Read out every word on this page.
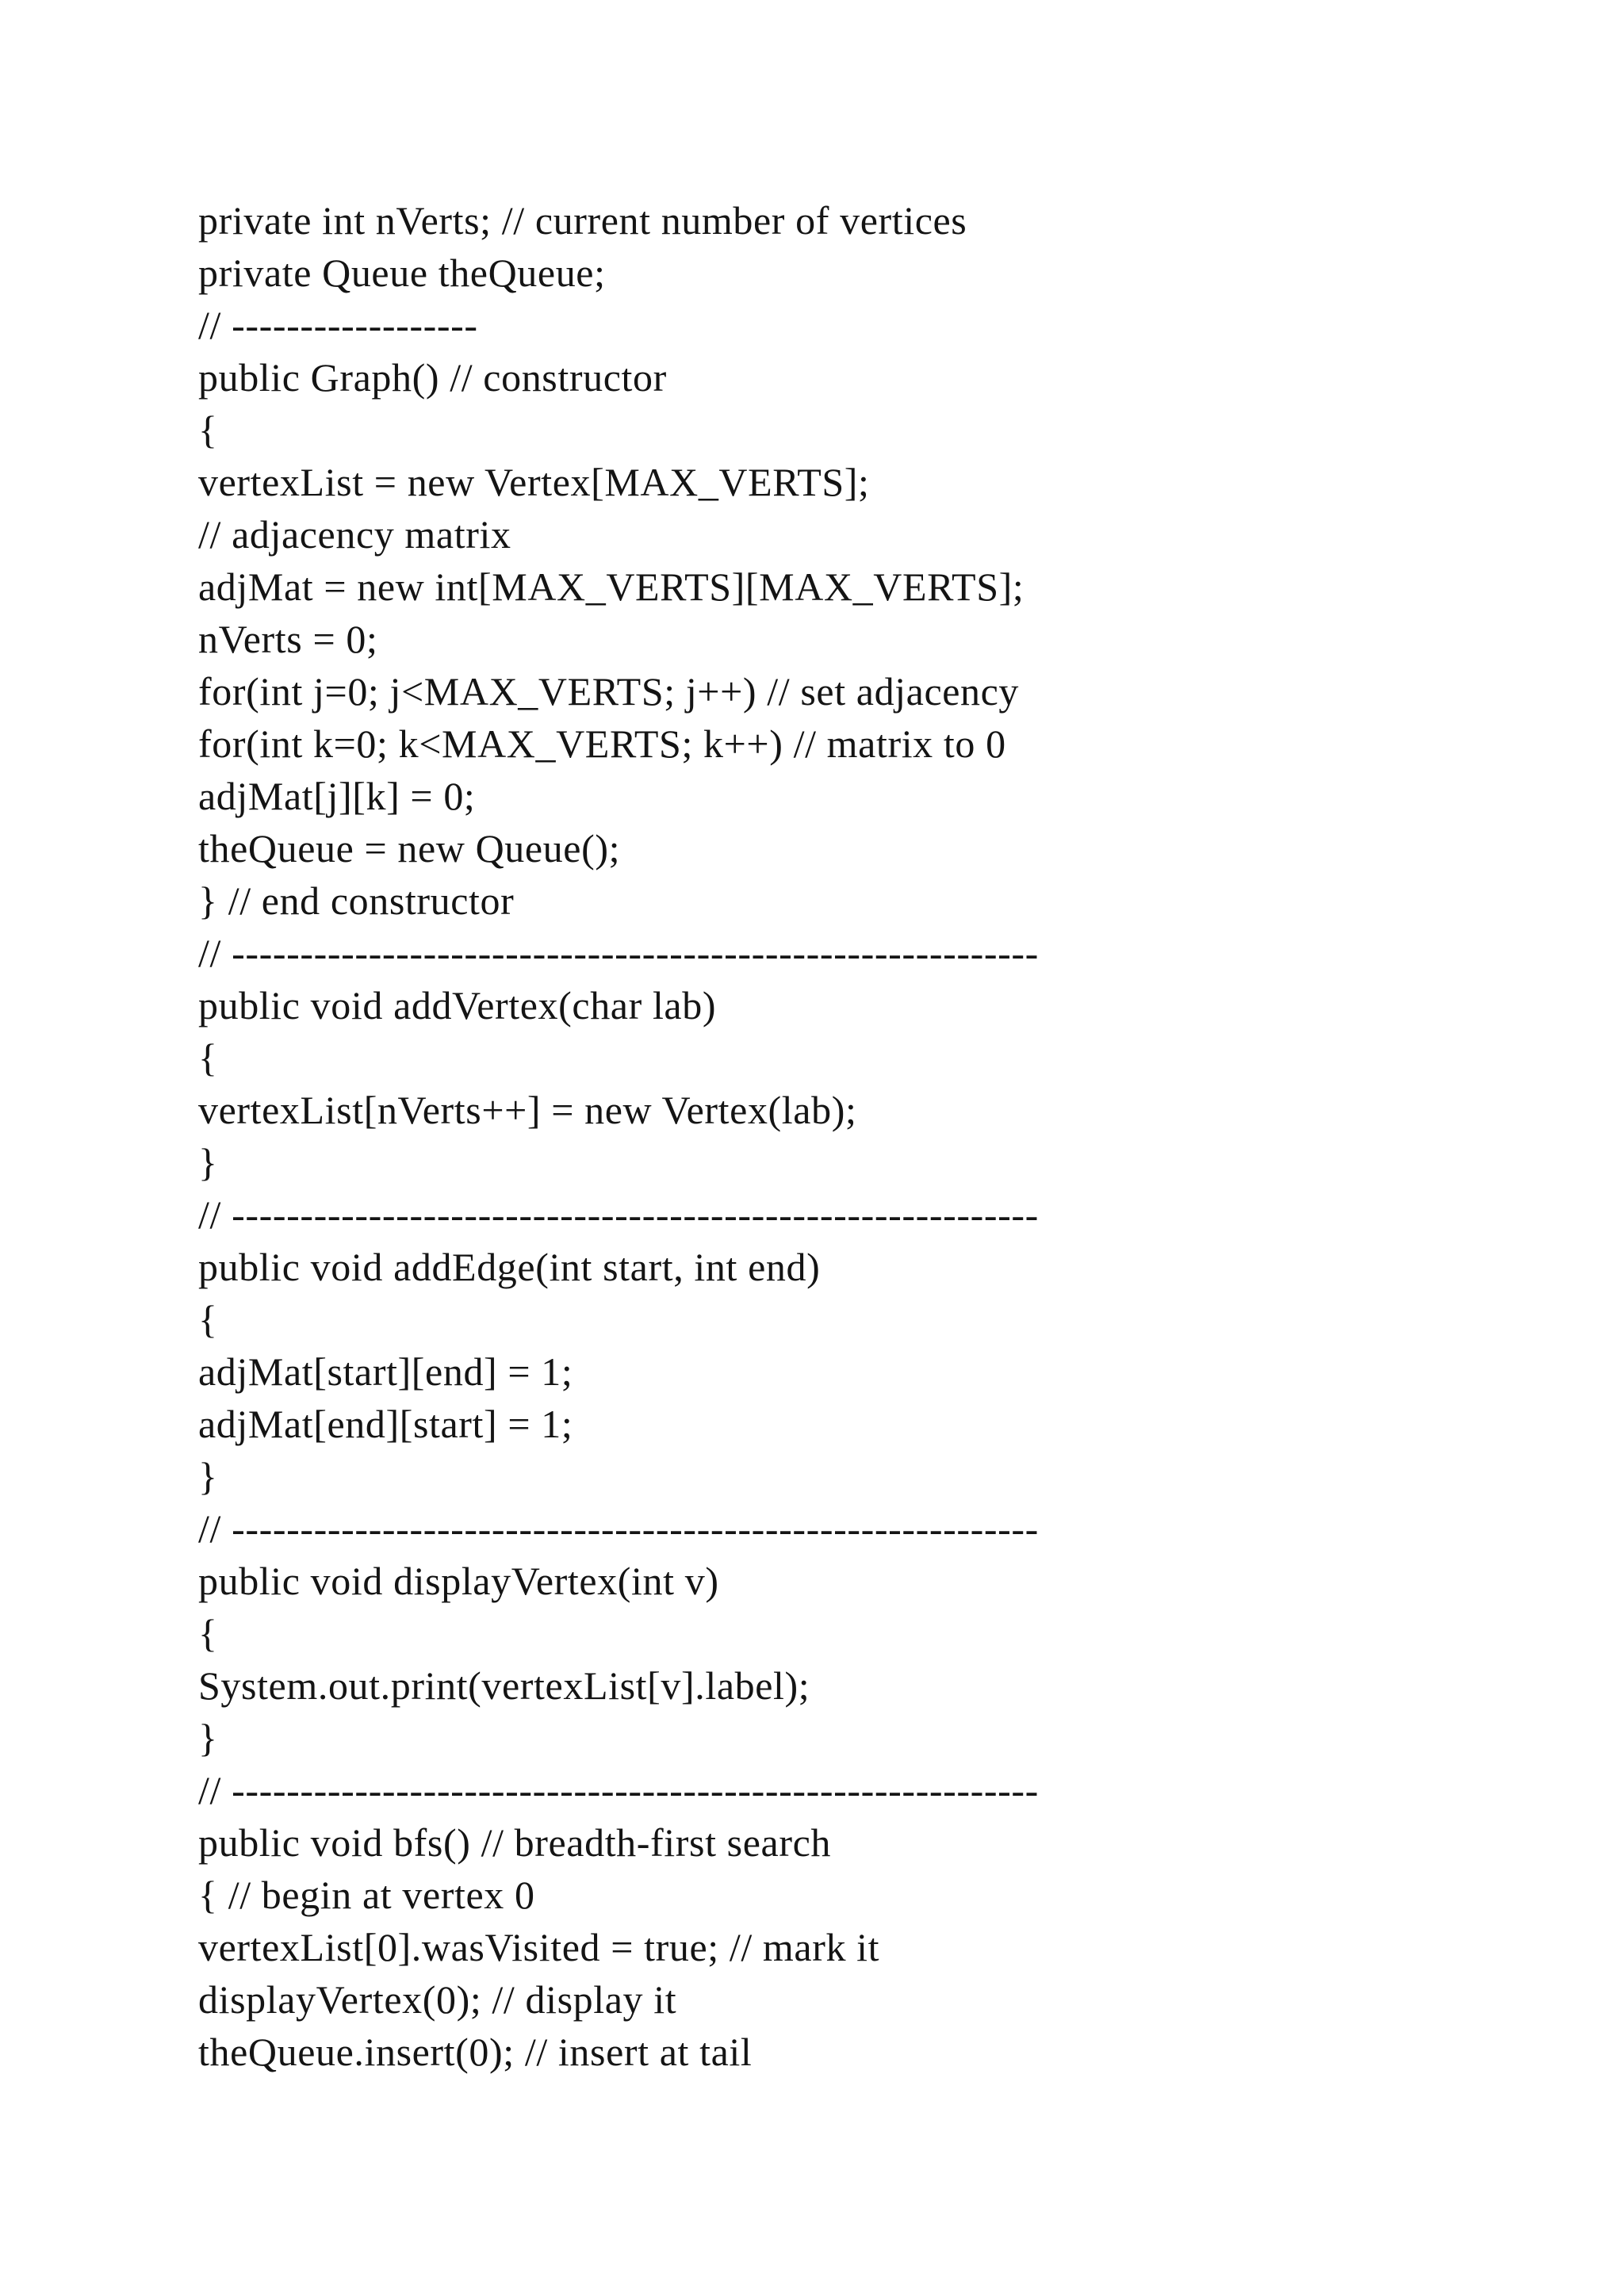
private int nVerts; // current number of vertices
private Queue theQueue;
// ------------------
public Graph() // constructor
{
vertexList = new Vertex[MAX_VERTS];
// adjacency matrix
adjMat = new int[MAX_VERTS][MAX_VERTS];
nVerts = 0;
for(int j=0; j<MAX_VERTS; j++) // set adjacency
for(int k=0; k<MAX_VERTS; k++) // matrix to 0
adjMat[j][k] = 0;
theQueue = new Queue();
} // end constructor
// -----------------------------------------------------------
public void addVertex(char lab)
{
vertexList[nVerts++] = new Vertex(lab);
}
// -----------------------------------------------------------
public void addEdge(int start, int end)
{
adjMat[start][end] = 1;
adjMat[end][start] = 1;
}
// -----------------------------------------------------------
public void displayVertex(int v)
{
System.out.print(vertexList[v].label);
}
// -----------------------------------------------------------
public void bfs() // breadth-first search
{ // begin at vertex 0
vertexList[0].wasVisited = true; // mark it
displayVertex(0); // display it
theQueue.insert(0); // insert at tail
